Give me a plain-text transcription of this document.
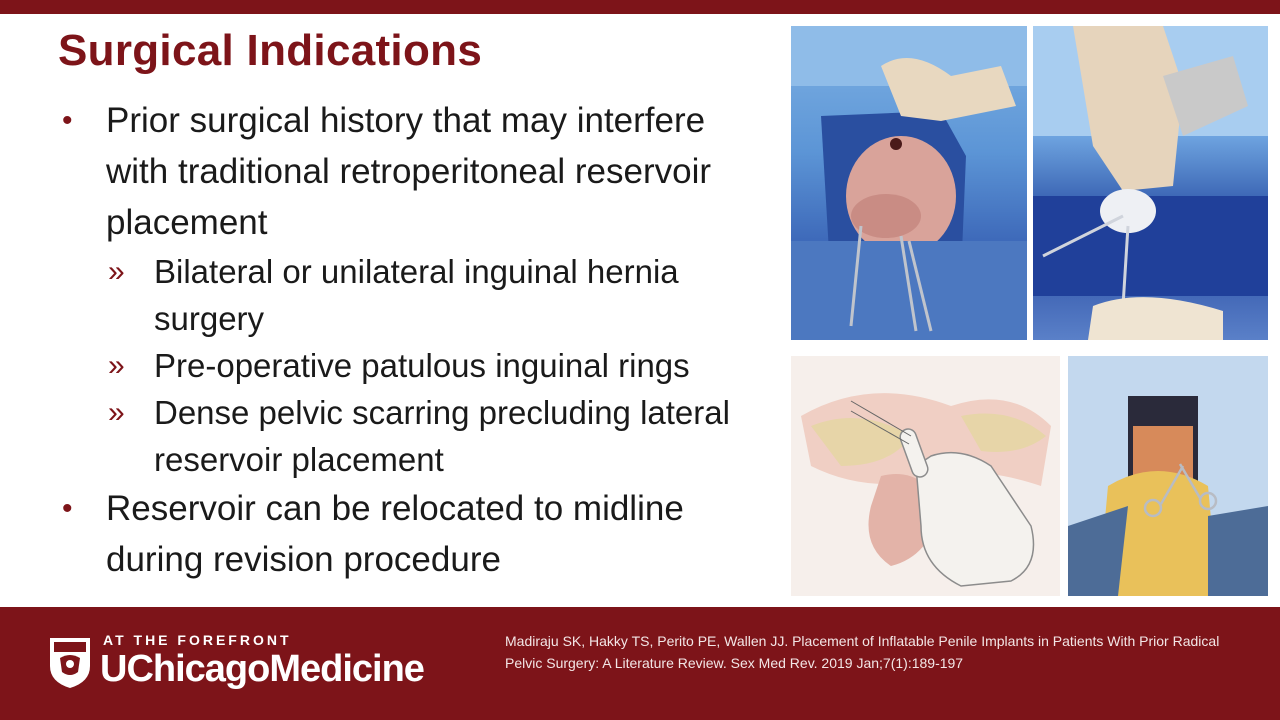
Surgical Indications
• Prior surgical history that may interfere with traditional retroperitoneal reservoir placement
» Bilateral or unilateral inguinal hernia surgery
» Pre-operative patulous inguinal rings
» Dense pelvic scarring precluding lateral reservoir placement
• Reservoir can be relocated to midline during revision procedure
AT THE FOREFRONT
UChicagoMedicine
Madiraju SK, Hakky TS, Perito PE, Wallen JJ. Placement of Inflatable Penile Implants in Patients With Prior Radical Pelvic Surgery: A Literature Review. Sex Med Rev. 2019 Jan;7(1):189-197
